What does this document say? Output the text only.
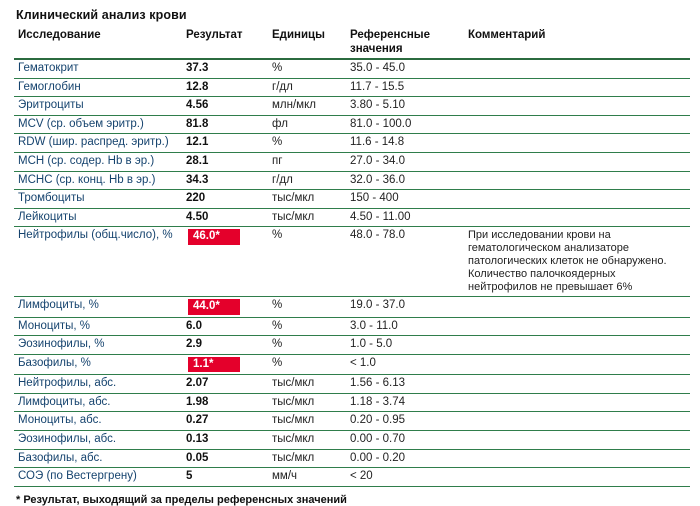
Клинический анализ крови
Исследование	Результат	Единицы	Референсные
значения	Комментарий
Гематокрит	37.3	%	35.0 - 45.0	
Гемоглобин	12.8	г/дл	11.7 - 15.5	
Эритроциты	4.56	млн/мкл	3.80 - 5.10	
MCV (ср. объем эритр.)	81.8	фл	81.0 - 100.0	
RDW (шир. распред. эритр.)	12.1	%	11.6 - 14.8	
MCH (ср. содер. Hb в эр.)	28.1	пг	27.0 - 34.0	
MCHC (ср. конц. Hb в эр.)	34.3	г/дл	32.0 - 36.0	
Тромбоциты	220	тыс/мкл	150 - 400	
Лейкоциты	4.50	тыс/мкл	4.50 - 11.00	
Нейтрофилы (общ.число), %	46.0*	%	48.0 - 78.0	При исследовании крови на гематологическом анализаторе патологических клеток не обнаружено. Количество палочкоядерных нейтрофилов не превышает 6%
Лимфоциты, %	44.0*	%	19.0 - 37.0	
Моноциты, %	6.0	%	3.0 - 11.0	
Эозинофилы, %	2.9	%	1.0 - 5.0	
Базофилы, %	1.1*	%	< 1.0	
Нейтрофилы, абс.	2.07	тыс/мкл	1.56 - 6.13	
Лимфоциты, абс.	1.98	тыс/мкл	1.18 - 3.74	
Моноциты, абс.	0.27	тыс/мкл	0.20 - 0.95	
Эозинофилы, абс.	0.13	тыс/мкл	0.00 - 0.70	
Базофилы, абс.	0.05	тыс/мкл	0.00 - 0.20	
СОЭ (по Вестергрену)	5	мм/ч	< 20	
* Результат, выходящий за пределы референсных значений
